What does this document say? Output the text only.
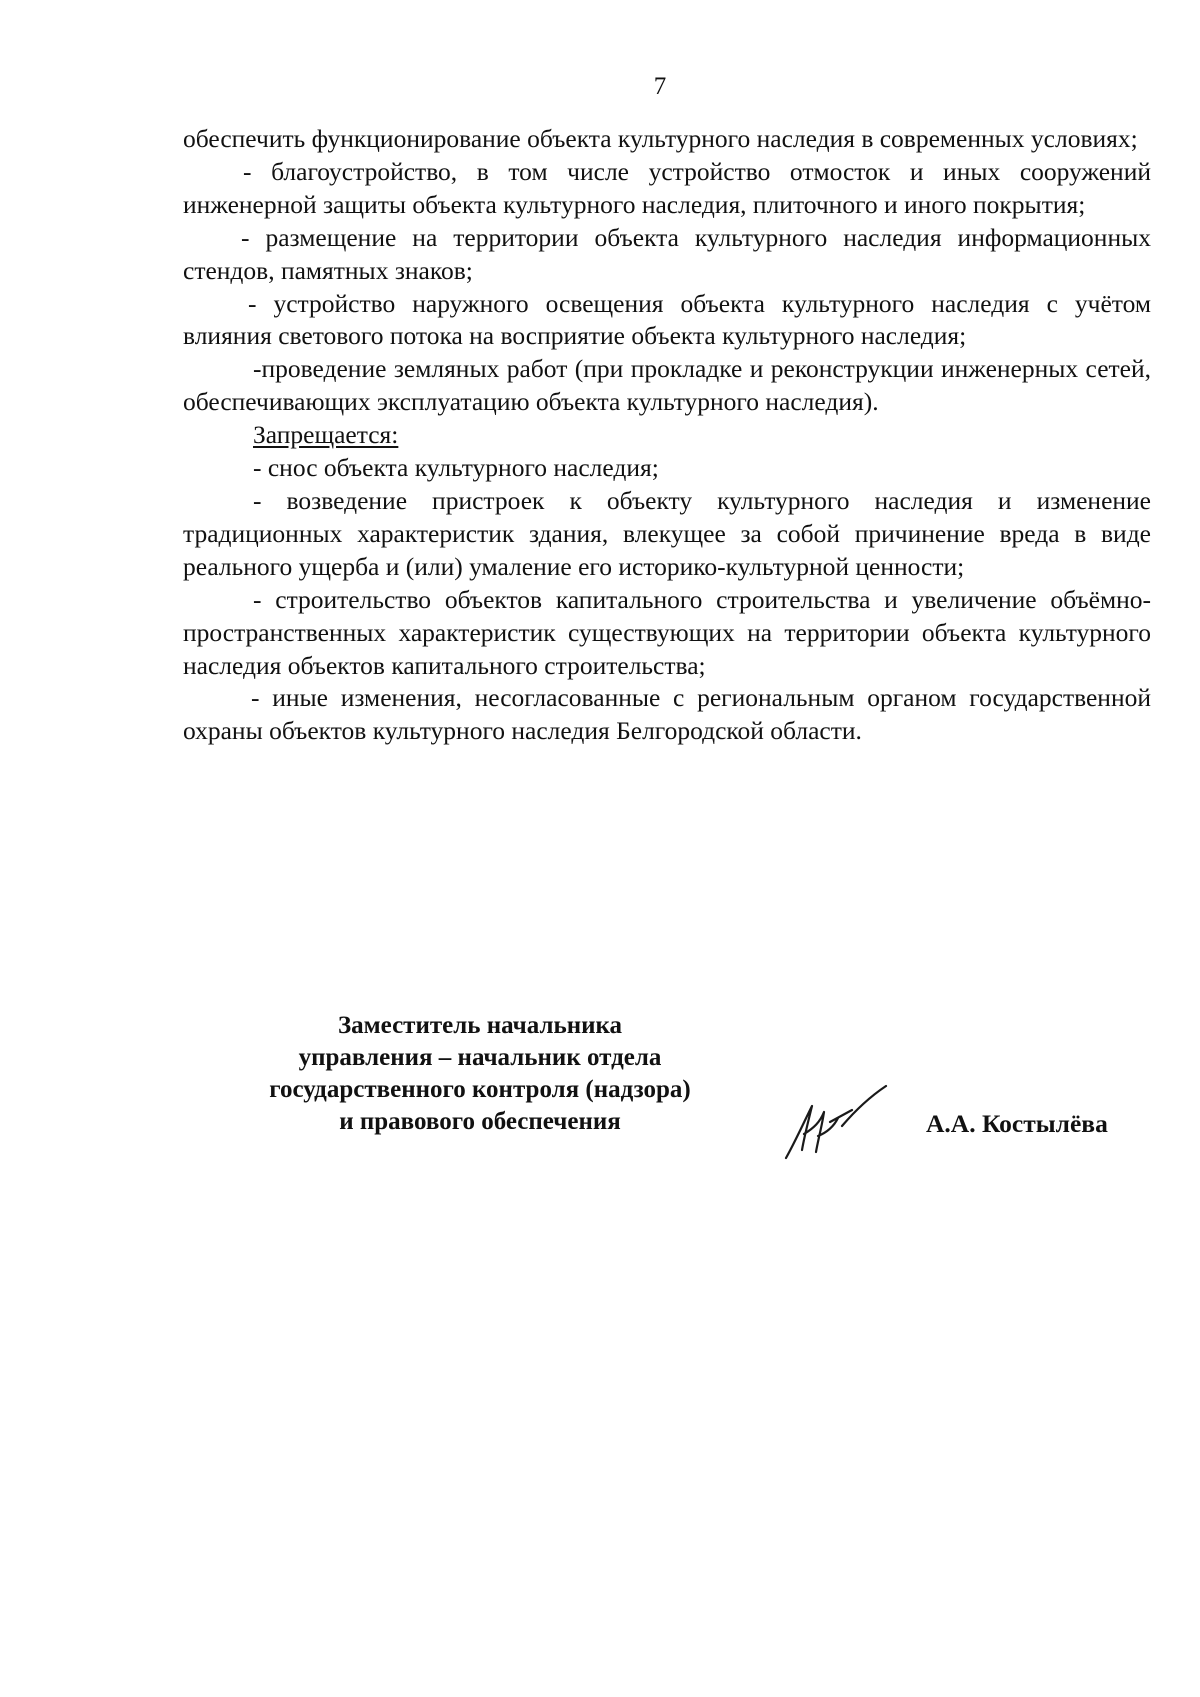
7

обеспечить функционирование объекта культурного наследия в современных условиях;

- благоустройство, в том числе устройство отмосток и иных сооружений инженерной защиты объекта культурного наследия, плиточного и иного покрытия;

- размещение на территории объекта культурного наследия информационных стендов, памятных знаков;

- устройство наружного освещения объекта культурного наследия с учётом влияния светового потока на восприятие объекта культурного наследия;

-проведение земляных работ (при прокладке и реконструкции инженерных сетей, обеспечивающих эксплуатацию объекта культурного наследия).

Запрещается:

- снос объекта культурного наследия;

- возведение пристроек к объекту культурного наследия и изменение традиционных характеристик здания, влекущее за собой причинение вреда в виде реального ущерба и (или) умаление его историко-культурной ценности;

- строительство объектов капитального строительства и увеличение объёмно-пространственных характеристик существующих на территории объекта культурного наследия объектов капитального строительства;

- иные изменения, несогласованные с региональным органом государственной охраны объектов культурного наследия Белгородской области.

Заместитель начальника
управления – начальник отдела
государственного контроля (надзора)
и правового обеспечения	А.А. Костылёва
